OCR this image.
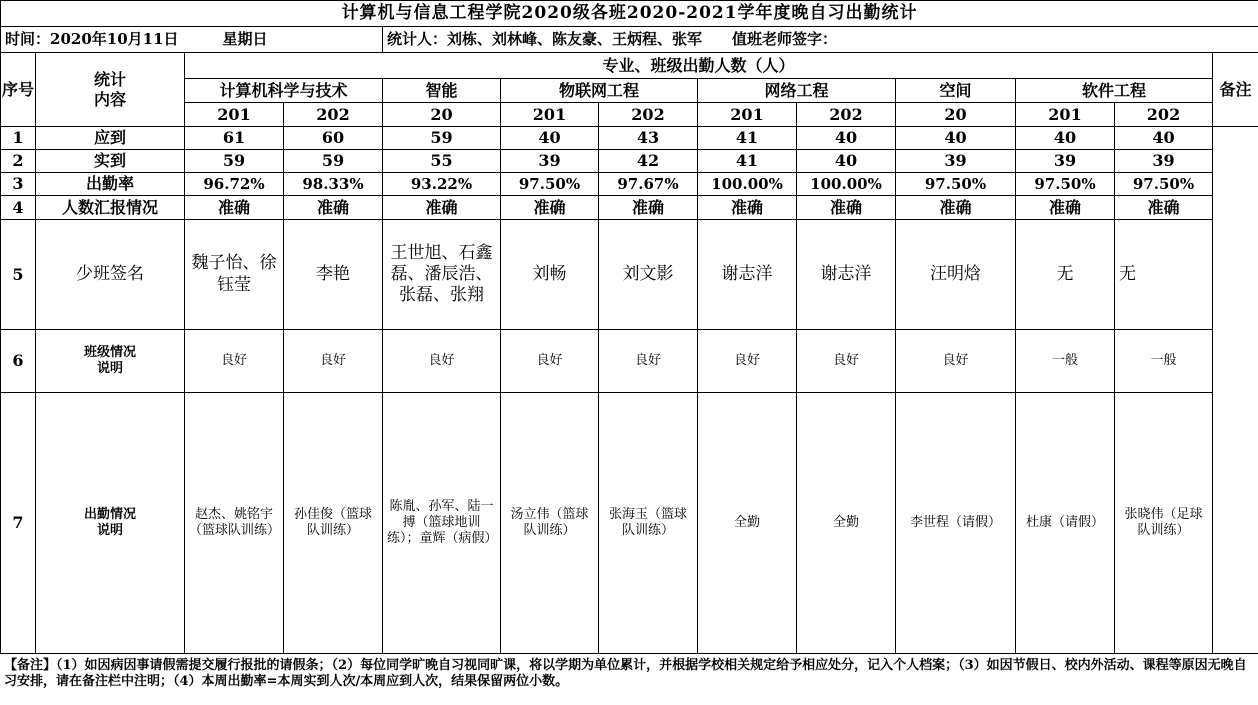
计算机与信息工程学院2020级各班2020-2021学年度晚自习出勤统计												
时间：2020年10月11日 星期日				统计人：刘栋、刘林峰、陈友豪、王炳程、张军 值班老师签字：								
序号	统计
内容	专业、班级出勤人数（人）										备注
		计算机科学与技术		智能	物联网工程		网络工程		空间	软件工程		
		201	202	20	201	202	201	202	20	201	202	
1	应到	61	60	59	40	43	41	40	40	40	40	
2	实到	59	59	55	39	42	41	40	39	39	39	
3	出勤率	96.72%	98.33%	93.22%	97.50%	97.67%	100.00%	100.00%	97.50%	97.50%	97.50%	
4	人数汇报情况	准确	准确	准确	准确	准确	准确	准确	准确	准确	准确	
5	少班签名	魏子怡、徐钰莹	李艳	王世旭、石鑫磊、潘辰浩、张磊、张翔	刘畅	刘文影	谢志洋	谢志洋	汪明焓	无	无	
6	班级情况
说明	良好	良好	良好	良好	良好	良好	良好	良好	一般	一般	
7	出勤情况
说明	赵杰、姚铭宇（篮球队训练）	孙佳俊（篮球队训练）	陈胤、孙军、陆一搏（篮球地训练）；童辉（病假）	汤立伟（篮球队训练）	张海玉（篮球队训练）	全勤	全勤	李世程（请假）	杜康（请假）	张晓伟（足球队训练）	
【备注】（1）如因病因事请假需提交履行报批的请假条；（2）每位同学旷晚自习视同旷课，将以学期为单位累计，并根据学校相关规定给予相应处分，记入个人档案；（3）如因节假日、校内外活动、课程等原因无晚自习安排，请在备注栏中注明；（4）本周出勤率=本周实到人次/本周应到人次，结果保留两位小数。
